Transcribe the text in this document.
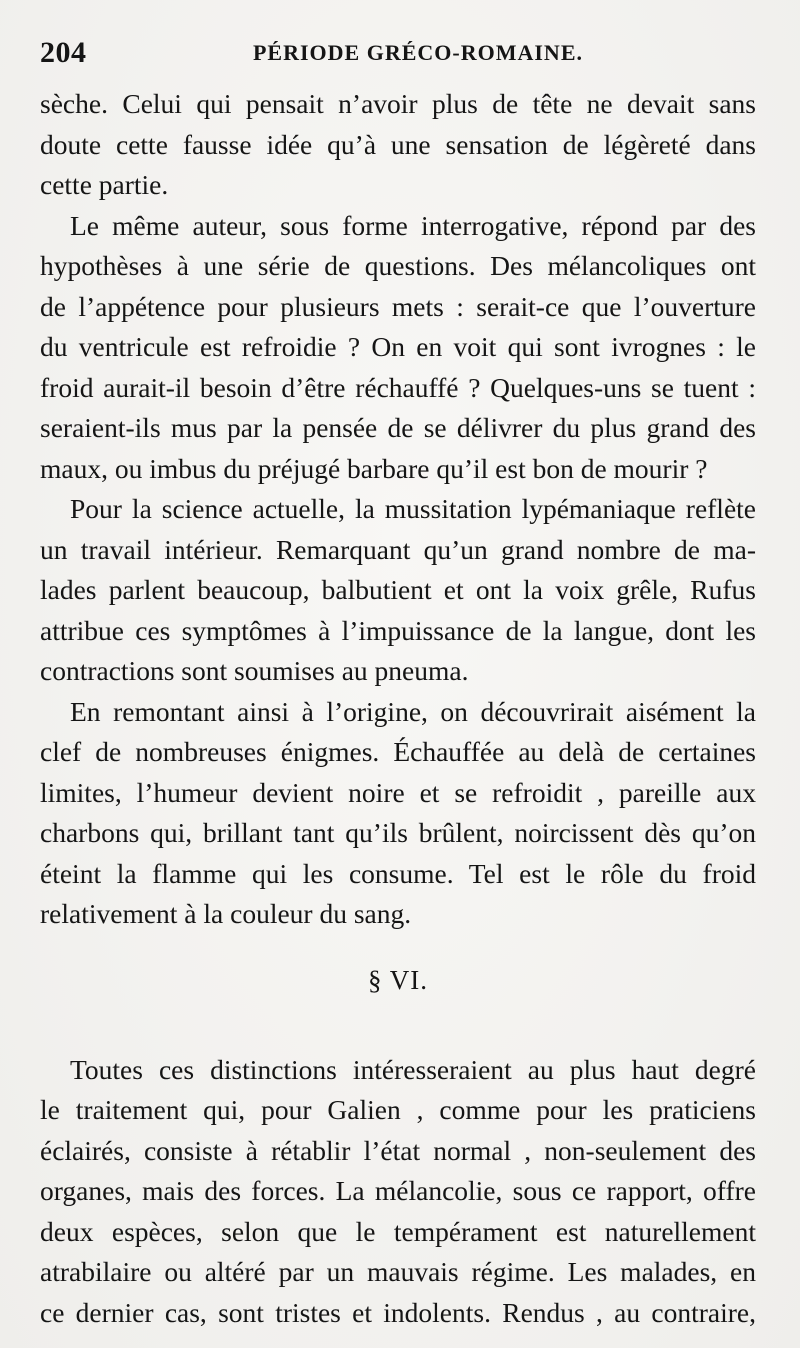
204	PÉRIODE GRÉCO-ROMAINE.

sèche. Celui qui pensait n’avoir plus de tête ne devait sans
doute cette fausse idée qu’à une sensation de légèreté dans
cette partie.

Le même auteur, sous forme interrogative, répond par des
hypothèses à une série de questions. Des mélancoliques ont
de l’appétence pour plusieurs mets : serait-ce que l’ouverture
du ventricule est refroidie ? On en voit qui sont ivrognes : le
froid aurait-il besoin d’être réchauffé ? Quelques-uns se tuent :
seraient-ils mus par la pensée de se délivrer du plus grand des
maux, ou imbus du préjugé barbare qu’il est bon de mourir ?

Pour la science actuelle, la mussitation lypémaniaque reflète
un travail intérieur. Remarquant qu’un grand nombre de ma-
lades parlent beaucoup, balbutient et ont la voix grêle, Rufus
attribue ces symptômes à l’impuissance de la langue, dont les
contractions sont soumises au pneuma.

En remontant ainsi à l’origine, on découvrirait aisément la
clef de nombreuses énigmes. Échauffée au delà de certaines
limites, l’humeur devient noire et se refroidit , pareille aux
charbons qui, brillant tant qu’ils brûlent, noircissent dès qu’on
éteint la flamme qui les consume. Tel est le rôle du froid
relativement à la couleur du sang.

§ VI.

Toutes ces distinctions intéresseraient au plus haut degré
le traitement qui, pour Galien , comme pour les praticiens
éclairés, consiste à rétablir l’état normal , non-seulement des
organes, mais des forces. La mélancolie, sous ce rapport, offre
deux espèces, selon que le tempérament est naturellement
atrabilaire ou altéré par un mauvais régime. Les malades, en
ce dernier cas, sont tristes et indolents. Rendus , au contraire,
